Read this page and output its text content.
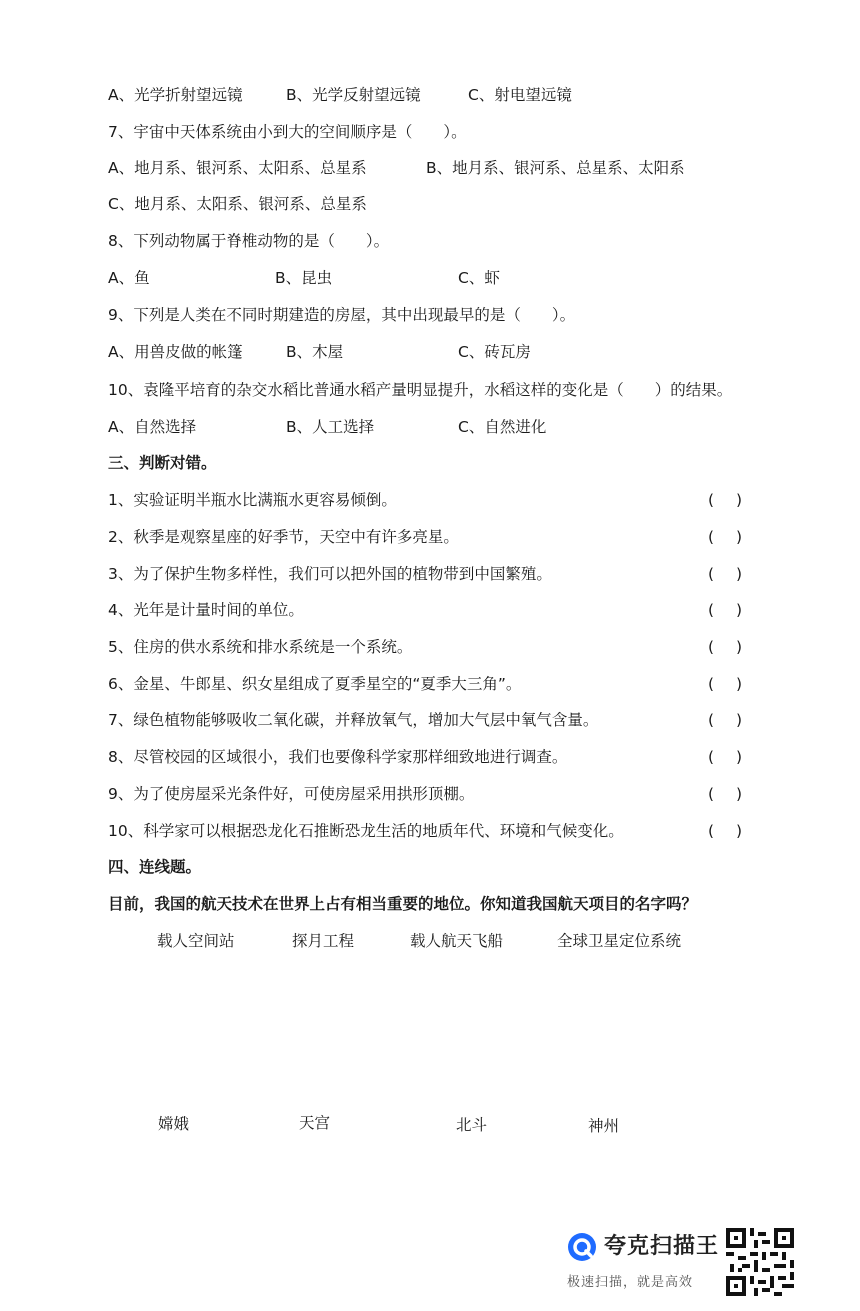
A、光学折射望远镜	B、光学反射望远镜	C、射电望远镜
7、宇宙中天体系统由小到大的空间顺序是（　　）。
A、地月系、银河系、太阳系、总星系	B、地月系、银河系、总星系、太阳系
C、地月系、太阳系、银河系、总星系
8、下列动物属于脊椎动物的是（　　）。
A、鱼	B、昆虫	C、虾
9、下列是人类在不同时期建造的房屋，其中出现最早的是（　　）。
A、用兽皮做的帐篷	B、木屋	C、砖瓦房
10、袁隆平培育的杂交水稻比普通水稻产量明显提升，水稻这样的变化是（　　）的结果。
A、自然选择	B、人工选择	C、自然进化
三、判断对错。
1、实验证明半瓶水比满瓶水更容易倾倒。	()
2、秋季是观察星座的好季节，天空中有许多亮星。	()
3、为了保护生物多样性，我们可以把外国的植物带到中国繁殖。	()
4、光年是计量时间的单位。	()
5、住房的供水系统和排水系统是一个系统。	()
6、金星、牛郎星、织女星组成了夏季星空的“夏季大三角”。	()
7、绿色植物能够吸收二氧化碳，并释放氧气，增加大气层中氧气含量。	()
8、尽管校园的区域很小，我们也要像科学家那样细致地进行调查。	()
9、为了使房屋采光条件好，可使房屋采用拱形顶棚。	()
10、科学家可以根据恐龙化石推断恐龙生活的地质年代、环境和气候变化。	()
四、连线题。
目前，我国的航天技术在世界上占有相当重要的地位。你知道我国航天项目的名字吗？
载人空间站	探月工程	载人航天飞船	全球卫星定位系统
嫦娥	天宫	北斗	神州
夸克扫描王
极速扫描，就是高效
